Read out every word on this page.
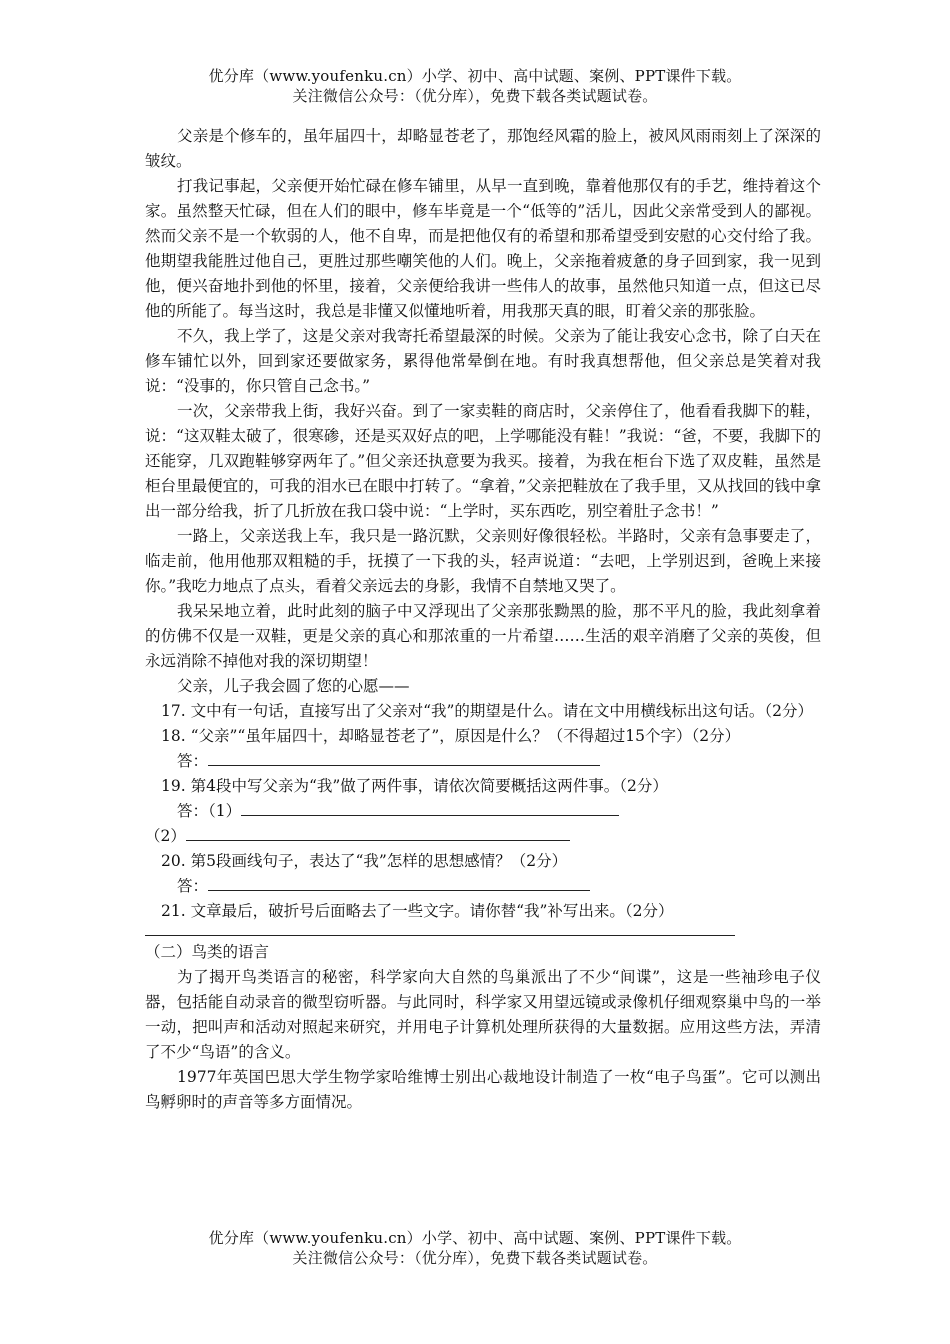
优分库（www.youfenku.cn）小学、初中、高中试题、案例、PPT课件下载。

关注微信公众号：（优分库），免费下载各类试题试卷。

父亲是个修车的，虽年届四十，却略显苍老了，那饱经风霜的脸上，被风风雨雨刻上了深深的皱纹。

打我记事起，父亲便开始忙碌在修车铺里，从早一直到晚，靠着他那仅有的手艺，维持着这个家。虽然整天忙碌，但在人们的眼中，修车毕竟是一个“低等的”活儿，因此父亲常受到人的鄙视。然而父亲不是一个软弱的人，他不自卑，而是把他仅有的希望和那希望受到安慰的心交付给了我。他期望我能胜过他自己，更胜过那些嘲笑他的人们。晚上，父亲拖着疲惫的身子回到家，我一见到他，便兴奋地扑到他的怀里，接着，父亲便给我讲一些伟人的故事，虽然他只知道一点，但这已尽他的所能了。每当这时，我总是非懂又似懂地听着，用我那天真的眼，盯着父亲的那张脸。

不久，我上学了，这是父亲对我寄托希望最深的时候。父亲为了能让我安心念书，除了白天在修车铺忙以外，回到家还要做家务，累得他常晕倒在地。有时我真想帮他，但父亲总是笑着对我说：“没事的，你只管自己念书。”

一次，父亲带我上街，我好兴奋。到了一家卖鞋的商店时，父亲停住了，他看看我脚下的鞋，说：“这双鞋太破了，很寒碜，还是买双好点的吧，上学哪能没有鞋！”我说：“爸，不要，我脚下的还能穿，几双跑鞋够穿两年了。”但父亲还执意要为我买。接着，为我在柜台下选了双皮鞋，虽然是柜台里最便宜的，可我的泪水已在眼中打转了。“拿着，”父亲把鞋放在了我手里，又从找回的钱中拿出一部分给我，折了几折放在我口袋中说：“上学时，买东西吃，别空着肚子念书！”

一路上，父亲送我上车，我只是一路沉默，父亲则好像很轻松。半路时，父亲有急事要走了，临走前，他用他那双粗糙的手，抚摸了一下我的头，轻声说道：“去吧，上学别迟到，爸晚上来接你。”我吃力地点了点头，看着父亲远去的身影，我情不自禁地又哭了。

我呆呆地立着，此时此刻的脑子中又浮现出了父亲那张黝黑的脸，那不平凡的脸，我此刻拿着的仿佛不仅是一双鞋，更是父亲的真心和那浓重的一片希望……生活的艰辛消磨了父亲的英俊，但永远消除不掉他对我的深切期望！

父亲，儿子我会圆了您的心愿——

17. 文中有一句话，直接写出了父亲对“我”的期望是什么。请在文中用横线标出这句话。（2分）

18. “父亲”“虽年届四十，却略显苍老了”，原因是什么？（不得超过15个字）（2分）

答：

19. 第4段中写父亲为“我”做了两件事，请依次简要概括这两件事。（2分）

答：（1）

（2）

20. 第5段画线句子，表达了“我”怎样的思想感情？（2分）

答：

21. 文章最后，破折号后面略去了一些文字。请你替“我”补写出来。（2分）

（二）鸟类的语言

为了揭开鸟类语言的秘密，科学家向大自然的鸟巢派出了不少“间谍”，这是一些袖珍电子仪器，包括能自动录音的微型窃听器。与此同时，科学家又用望远镜或录像机仔细观察巢中鸟的一举一动，把叫声和活动对照起来研究，并用电子计算机处理所获得的大量数据。应用这些方法，弄清了不少“鸟语”的含义。

1977年英国巴思大学生物学家哈维博士别出心裁地设计制造了一枚“电子鸟蛋”。它可以测出鸟孵卵时的声音等多方面情况。

优分库（www.youfenku.cn）小学、初中、高中试题、案例、PPT课件下载。

关注微信公众号：（优分库），免费下载各类试题试卷。
